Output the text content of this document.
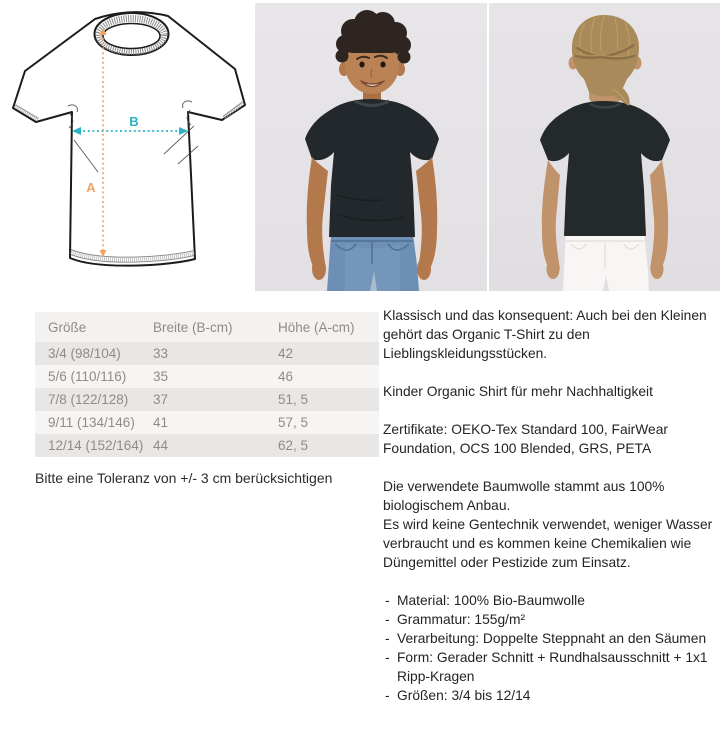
B
A
Größe	Breite (B-cm)	Höhe (A-cm)
3/4 (98/104)	33	42
5/6 (110/116)	35	46
7/8 (122/128)	37	51, 5
9/11 (134/146)	41	57, 5
12/14 (152/164)	44	62, 5
Bitte eine Toleranz von +/- 3 cm berücksichtigen

Klassisch und das konsequent: Auch bei den Kleinen gehört das Organic T-Shirt zu den Lieblingskleidungsstücken.

Kinder Organic Shirt für mehr Nachhaltigkeit

Zertifikate: OEKO-Tex Standard 100, FairWear Foundation, OCS 100 Blended, GRS, PETA

Die verwendete Baumwolle stammt aus 100% biologischem Anbau.

Es wird keine Gentechnik verwendet, weniger Wasser verbraucht und es kommen keine Chemikalien wie Düngemittel oder Pestizide zum Einsatz.

- Material: 100% Bio-Baumwolle
- Grammatur: 155g/m²
- Verarbeitung: Doppelte Steppnaht an den Säumen
- Form: Gerader Schnitt + Rundhalsausschnitt + 1x1 Ripp-Kragen
- Größen: 3/4 bis 12/14
